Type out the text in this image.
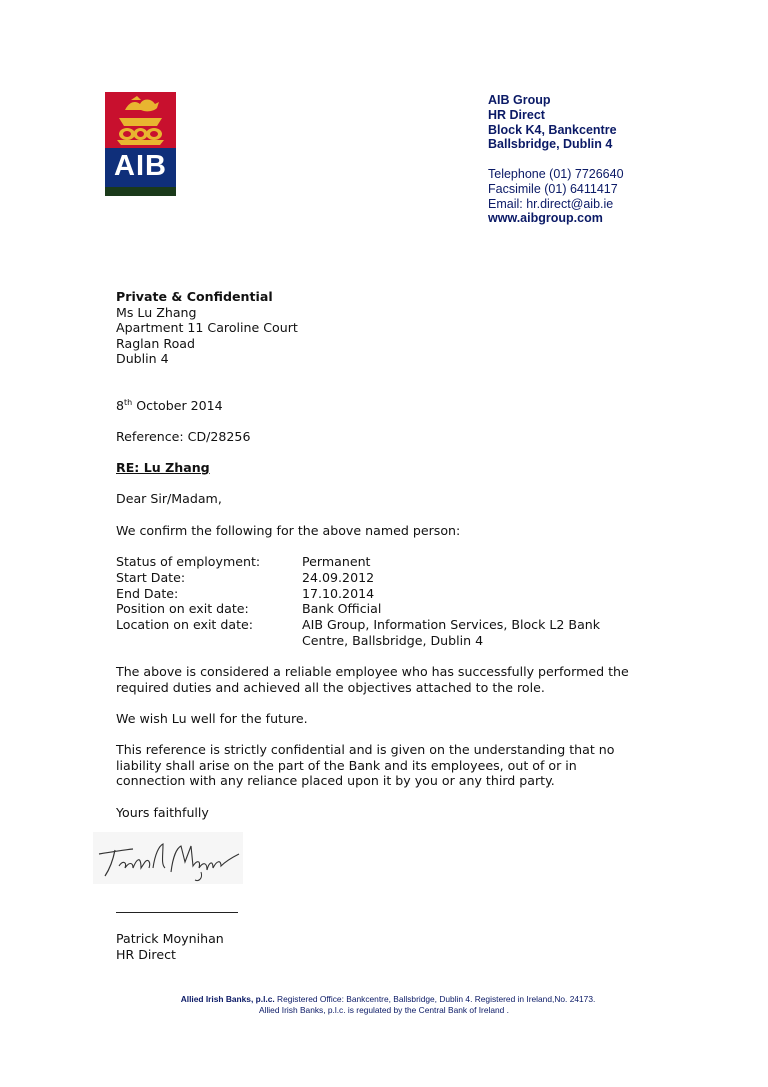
AIB
AIB Group
HR Direct
Block K4, Bankcentre
Ballsbridge, Dublin 4
Telephone (01) 7726640
Facsimile (01) 6411417
Email: hr.direct@aib.ie
www.aibgroup.com
Private & Confidential
Ms Lu Zhang
Apartment 11 Caroline Court
Raglan Road
Dublin 4
8th October 2014
Reference: CD/28256
RE: Lu Zhang
Dear Sir/Madam,
We confirm the following for the above named person:
Status of employment:	Permanent
Start Date:	24.09.2012
End Date:	17.10.2014
Position on exit date:	Bank Official
Location on exit date:	AIB Group, Information Services, Block L2 Bank
Centre, Ballsbridge, Dublin 4
The above is considered a reliable employee who has successfully performed the
required duties and achieved all the objectives attached to the role.
We wish Lu well for the future.
This reference is strictly confidential and is given on the understanding that no
liability shall arise on the part of the Bank and its employees, out of or in
connection with any reliance placed upon it by you or any third party.
Yours faithfully
Patrick Moynihan
HR Direct
Allied Irish Banks, p.l.c. Registered Office: Bankcentre, Ballsbridge, Dublin 4. Registered in Ireland,No. 24173.
Allied Irish Banks, p.l.c. is regulated by the Central Bank of Ireland .
